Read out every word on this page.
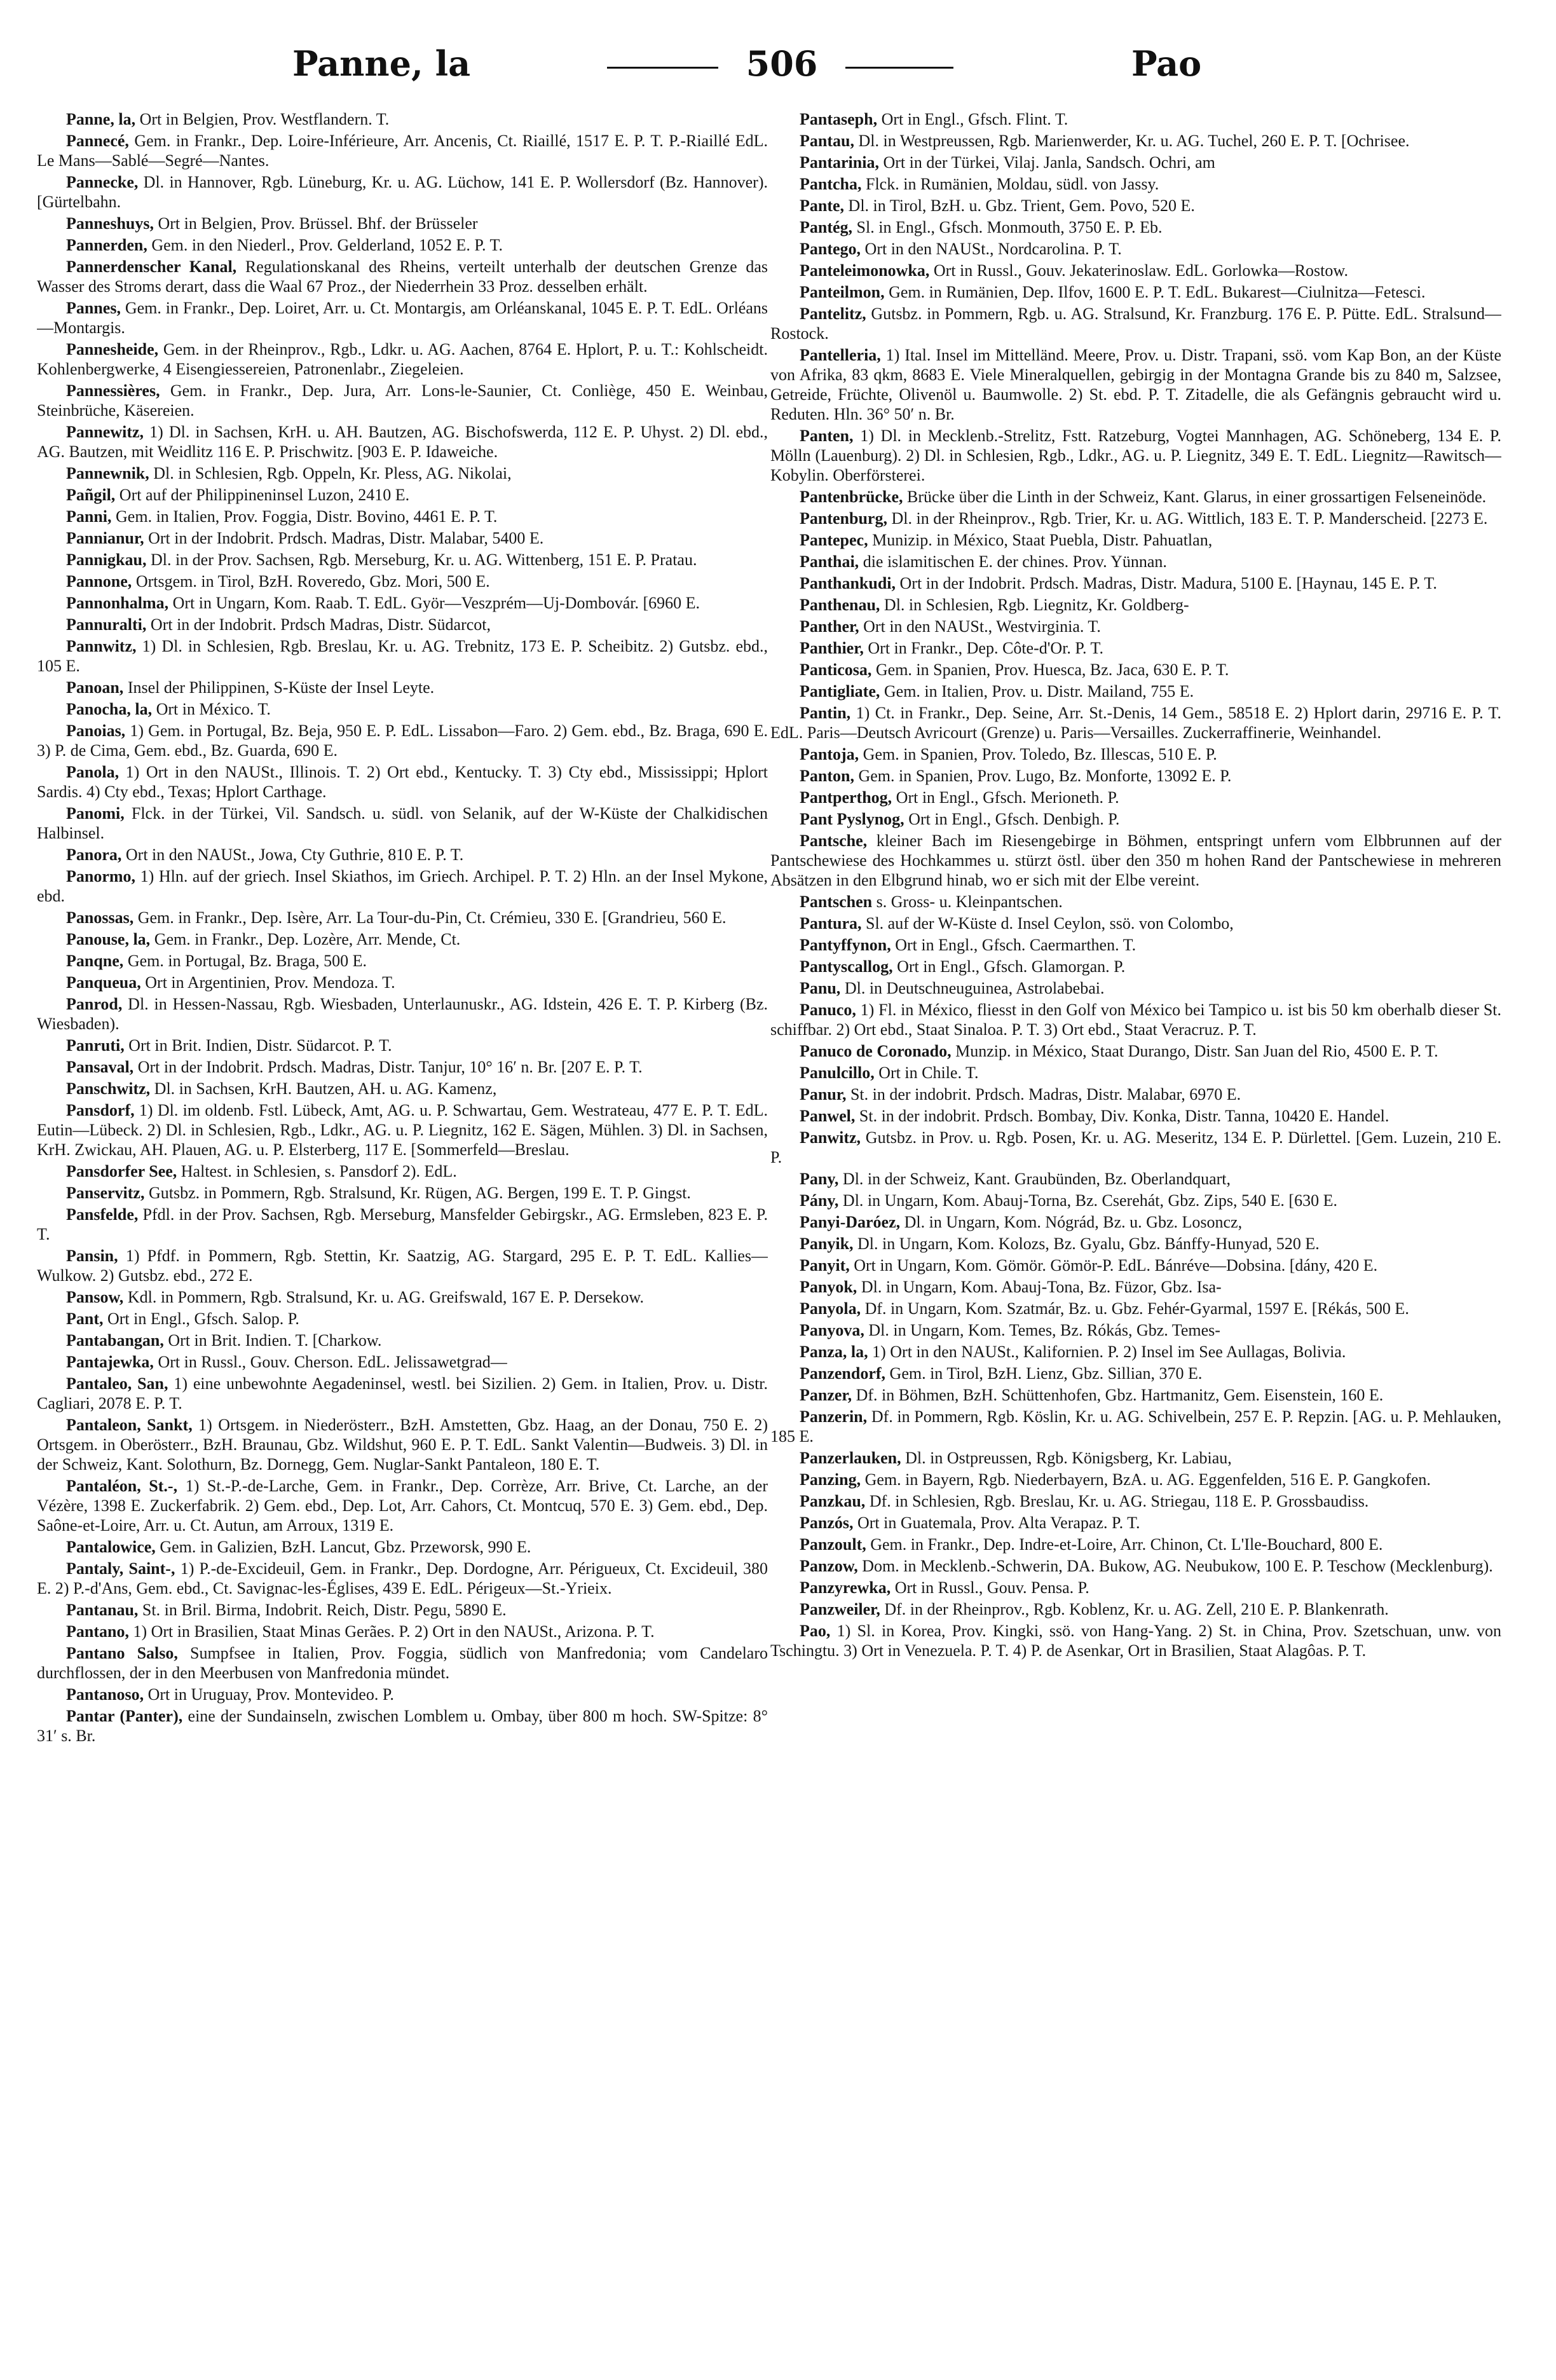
Panne, la	506	Pao

Panne, la, Ort in Belgien, Prov. Westflandern. T.

Pannecé, Gem. in Frankr., Dep. Loire-Inférieure, Arr. Ancenis, Ct. Riaillé, 1517 E. P. T. P.-Riaillé EdL. Le Mans—Sablé—Segré—Nantes.

Pannecke, Dl. in Hannover, Rgb. Lüneburg, Kr. u. AG. Lüchow, 141 E. P. Wollersdorf (Bz. Hannover). [Gürtelbahn.

Panneshuys, Ort in Belgien, Prov. Brüssel. Bhf. der Brüsseler

Pannerden, Gem. in den Niederl., Prov. Gelderland, 1052 E. P. T.

Pannerdenscher Kanal, Regulationskanal des Rheins, verteilt unterhalb der deutschen Grenze das Wasser des Stroms derart, dass die Waal 67 Proz., der Niederrhein 33 Proz. desselben erhält.

Pannes, Gem. in Frankr., Dep. Loiret, Arr. u. Ct. Montargis, am Orléanskanal, 1045 E. P. T. EdL. Orléans—Montargis.

Pannesheide, Gem. in der Rheinprov., Rgb., Ldkr. u. AG. Aachen, 8764 E. Hplort, P. u. T.: Kohlscheidt. Kohlenbergwerke, 4 Eisengiessereien, Patronenlabr., Ziegeleien.

Pannessières, Gem. in Frankr., Dep. Jura, Arr. Lons-le-Saunier, Ct. Conliège, 450 E. Weinbau, Steinbrüche, Käsereien.

Pannewitz, 1) Dl. in Sachsen, KrH. u. AH. Bautzen, AG. Bischofswerda, 112 E. P. Uhyst. 2) Dl. ebd., AG. Bautzen, mit Weidlitz 116 E. P. Prischwitz. [903 E. P. Idaweiche.

Pannewnik, Dl. in Schlesien, Rgb. Oppeln, Kr. Pless, AG. Nikolai,

Pañgil, Ort auf der Philippineninsel Luzon, 2410 E.

Panni, Gem. in Italien, Prov. Foggia, Distr. Bovino, 4461 E. P. T.

Pannianur, Ort in der Indobrit. Prdsch. Madras, Distr. Malabar, 5400 E.

Pannigkau, Dl. in der Prov. Sachsen, Rgb. Merseburg, Kr. u. AG. Wittenberg, 151 E. P. Pratau.

Pannone, Ortsgem. in Tirol, BzH. Roveredo, Gbz. Mori, 500 E.

Pannonhalma, Ort in Ungarn, Kom. Raab. T. EdL. Györ—Veszprém—Uj-Dombovár. [6960 E.

Pannuralti, Ort in der Indobrit. Prdsch Madras, Distr. Südarcot,

Pannwitz, 1) Dl. in Schlesien, Rgb. Breslau, Kr. u. AG. Trebnitz, 173 E. P. Scheibitz. 2) Gutsbz. ebd., 105 E.

Panoan, Insel der Philippinen, S-Küste der Insel Leyte.

Panocha, la, Ort in México. T.

Panoias, 1) Gem. in Portugal, Bz. Beja, 950 E. P. EdL. Lissabon—Faro. 2) Gem. ebd., Bz. Braga, 690 E. 3) P. de Cima, Gem. ebd., Bz. Guarda, 690 E.

Panola, 1) Ort in den NAUSt., Illinois. T. 2) Ort ebd., Kentucky. T. 3) Cty ebd., Mississippi; Hplort Sardis. 4) Cty ebd., Texas; Hplort Carthage.

Panomi, Flck. in der Türkei, Vil. Sandsch. u. südl. von Selanik, auf der W-Küste der Chalkidischen Halbinsel.

Panora, Ort in den NAUSt., Jowa, Cty Guthrie, 810 E. P. T.

Panormo, 1) Hln. auf der griech. Insel Skiathos, im Griech. Archipel. P. T. 2) Hln. an der Insel Mykone, ebd.

Panossas, Gem. in Frankr., Dep. Isère, Arr. La Tour-du-Pin, Ct. Crémieu, 330 E. [Grandrieu, 560 E.

Panouse, la, Gem. in Frankr., Dep. Lozère, Arr. Mende, Ct.

Panqne, Gem. in Portugal, Bz. Braga, 500 E.

Panqueua, Ort in Argentinien, Prov. Mendoza. T.

Panrod, Dl. in Hessen-Nassau, Rgb. Wiesbaden, Unterlaunuskr., AG. Idstein, 426 E. T. P. Kirberg (Bz. Wiesbaden).

Panruti, Ort in Brit. Indien, Distr. Südarcot. P. T.

Pansaval, Ort in der Indobrit. Prdsch. Madras, Distr. Tanjur, 10° 16′ n. Br. [207 E. P. T.

Panschwitz, Dl. in Sachsen, KrH. Bautzen, AH. u. AG. Kamenz,

Pansdorf, 1) Dl. im oldenb. Fstl. Lübeck, Amt, AG. u. P. Schwartau, Gem. Westrateau, 477 E. P. T. EdL. Eutin—Lübeck. 2) Dl. in Schlesien, Rgb., Ldkr., AG. u. P. Liegnitz, 162 E. Sägen, Mühlen. 3) Dl. in Sachsen, KrH. Zwickau, AH. Plauen, AG. u. P. Elsterberg, 117 E. [Sommerfeld—Breslau.

Pansdorfer See, Haltest. in Schlesien, s. Pansdorf 2). EdL.

Panservitz, Gutsbz. in Pommern, Rgb. Stralsund, Kr. Rügen, AG. Bergen, 199 E. T. P. Gingst.

Pansfelde, Pfdl. in der Prov. Sachsen, Rgb. Merseburg, Mansfelder Gebirgskr., AG. Ermsleben, 823 E. P. T.

Pansin, 1) Pfdf. in Pommern, Rgb. Stettin, Kr. Saatzig, AG. Stargard, 295 E. P. T. EdL. Kallies—Wulkow. 2) Gutsbz. ebd., 272 E.

Pansow, Kdl. in Pommern, Rgb. Stralsund, Kr. u. AG. Greifswald, 167 E. P. Dersekow.

Pant, Ort in Engl., Gfsch. Salop. P.

Pantabangan, Ort in Brit. Indien. T. [Charkow.

Pantajewka, Ort in Russl., Gouv. Cherson. EdL. Jelissawetgrad—

Pantaleo, San, 1) eine unbewohnte Aegadeninsel, westl. bei Sizilien. 2) Gem. in Italien, Prov. u. Distr. Cagliari, 2078 E. P. T.

Pantaleon, Sankt, 1) Ortsgem. in Niederösterr., BzH. Amstetten, Gbz. Haag, an der Donau, 750 E. 2) Ortsgem. in Oberösterr., BzH. Braunau, Gbz. Wildshut, 960 E. P. T. EdL. Sankt Valentin—Budweis. 3) Dl. in der Schweiz, Kant. Solothurn, Bz. Dornegg, Gem. Nuglar-Sankt Pantaleon, 180 E. T.

Pantaléon, St.-, 1) St.-P.-de-Larche, Gem. in Frankr., Dep. Corrèze, Arr. Brive, Ct. Larche, an der Vézère, 1398 E. Zuckerfabrik. 2) Gem. ebd., Dep. Lot, Arr. Cahors, Ct. Montcuq, 570 E. 3) Gem. ebd., Dep. Saône-et-Loire, Arr. u. Ct. Autun, am Arroux, 1319 E.

Pantalowice, Gem. in Galizien, BzH. Lancut, Gbz. Przeworsk, 990 E.

Pantaly, Saint-, 1) P.-de-Excideuil, Gem. in Frankr., Dep. Dordogne, Arr. Périgueux, Ct. Excideuil, 380 E. 2) P.-d'Ans, Gem. ebd., Ct. Savignac-les-Églises, 439 E. EdL. Périgeux—St.-Yrieix.

Pantanau, St. in Bril. Birma, Indobrit. Reich, Distr. Pegu, 5890 E.

Pantano, 1) Ort in Brasilien, Staat Minas Gerães. P. 2) Ort in den NAUSt., Arizona. P. T.

Pantano Salso, Sumpfsee in Italien, Prov. Foggia, südlich von Manfredonia; vom Candelaro durchflossen, der in den Meerbusen von Manfredonia mündet.

Pantanoso, Ort in Uruguay, Prov. Montevideo. P.

Pantar (Panter), eine der Sundainseln, zwischen Lomblem u. Ombay, über 800 m hoch. SW-Spitze: 8° 31′ s. Br.

Pantaseph, Ort in Engl., Gfsch. Flint. T.

Pantau, Dl. in Westpreussen, Rgb. Marienwerder, Kr. u. AG. Tuchel, 260 E. P. T. [Ochrisee.

Pantarinia, Ort in der Türkei, Vilaj. Janla, Sandsch. Ochri, am

Pantcha, Flck. in Rumänien, Moldau, südl. von Jassy.

Pante, Dl. in Tirol, BzH. u. Gbz. Trient, Gem. Povo, 520 E.

Pantég, Sl. in Engl., Gfsch. Monmouth, 3750 E. P. Eb.

Pantego, Ort in den NAUSt., Nordcarolina. P. T.

Panteleimonowka, Ort in Russl., Gouv. Jekaterinoslaw. EdL. Gorlowka—Rostow.

Panteilmon, Gem. in Rumänien, Dep. Ilfov, 1600 E. P. T. EdL. Bukarest—Ciulnitza—Fetesci.

Pantelitz, Gutsbz. in Pommern, Rgb. u. AG. Stralsund, Kr. Franzburg. 176 E. P. Pütte. EdL. Stralsund—Rostock.

Pantelleria, 1) Ital. Insel im Mittelländ. Meere, Prov. u. Distr. Trapani, ssö. vom Kap Bon, an der Küste von Afrika, 83 qkm, 8683 E. Viele Mineralquellen, gebirgig in der Montagna Grande bis zu 840 m, Salzsee, Getreide, Früchte, Olivenöl u. Baumwolle. 2) St. ebd. P. T. Zitadelle, die als Gefängnis gebraucht wird u. Reduten. Hln. 36° 50′ n. Br.

Panten, 1) Dl. in Mecklenb.-Strelitz, Fstt. Ratzeburg, Vogtei Mannhagen, AG. Schöneberg, 134 E. P. Mölln (Lauenburg). 2) Dl. in Schlesien, Rgb., Ldkr., AG. u. P. Liegnitz, 349 E. T. EdL. Liegnitz—Rawitsch—Kobylin. Oberförsterei.

Pantenbrücke, Brücke über die Linth in der Schweiz, Kant. Glarus, in einer grossartigen Felseneinöde.

Pantenburg, Dl. in der Rheinprov., Rgb. Trier, Kr. u. AG. Wittlich, 183 E. T. P. Manderscheid. [2273 E.

Pantepec, Munizip. in México, Staat Puebla, Distr. Pahuatlan,

Panthai, die islamitischen E. der chines. Prov. Yünnan.

Panthankudi, Ort in der Indobrit. Prdsch. Madras, Distr. Madura, 5100 E. [Haynau, 145 E. P. T.

Panthenau, Dl. in Schlesien, Rgb. Liegnitz, Kr. Goldberg-

Panther, Ort in den NAUSt., Westvirginia. T.

Panthier, Ort in Frankr., Dep. Côte-d'Or. P. T.

Panticosa, Gem. in Spanien, Prov. Huesca, Bz. Jaca, 630 E. P. T.

Pantigliate, Gem. in Italien, Prov. u. Distr. Mailand, 755 E.

Pantin, 1) Ct. in Frankr., Dep. Seine, Arr. St.-Denis, 14 Gem., 58518 E. 2) Hplort darin, 29716 E. P. T. EdL. Paris—Deutsch Avricourt (Grenze) u. Paris—Versailles. Zuckerraffinerie, Weinhandel.

Pantoja, Gem. in Spanien, Prov. Toledo, Bz. Illescas, 510 E. P.

Panton, Gem. in Spanien, Prov. Lugo, Bz. Monforte, 13092 E. P.

Pantperthog, Ort in Engl., Gfsch. Merioneth. P.

Pant Pyslynog, Ort in Engl., Gfsch. Denbigh. P.

Pantsche, kleiner Bach im Riesengebirge in Böhmen, entspringt unfern vom Elbbrunnen auf der Pantschewiese des Hochkammes u. stürzt östl. über den 350 m hohen Rand der Pantschewiese in mehreren Absätzen in den Elbgrund hinab, wo er sich mit der Elbe vereint.

Pantschen s. Gross- u. Kleinpantschen.

Pantura, Sl. auf der W-Küste d. Insel Ceylon, ssö. von Colombo,

Pantyffynon, Ort in Engl., Gfsch. Caermarthen. T.

Pantyscallog, Ort in Engl., Gfsch. Glamorgan. P.

Panu, Dl. in Deutschneuguinea, Astrolabebai.

Panuco, 1) Fl. in México, fliesst in den Golf von México bei Tampico u. ist bis 50 km oberhalb dieser St. schiffbar. 2) Ort ebd., Staat Sinaloa. P. T. 3) Ort ebd., Staat Veracruz. P. T.

Panuco de Coronado, Munzip. in México, Staat Durango, Distr. San Juan del Rio, 4500 E. P. T.

Panulcillo, Ort in Chile. T.

Panur, St. in der indobrit. Prdsch. Madras, Distr. Malabar, 6970 E.

Panwel, St. in der indobrit. Prdsch. Bombay, Div. Konka, Distr. Tanna, 10420 E. Handel.

Panwitz, Gutsbz. in Prov. u. Rgb. Posen, Kr. u. AG. Meseritz, 134 E. P. Dürlettel. [Gem. Luzein, 210 E. P.

Pany, Dl. in der Schweiz, Kant. Graubünden, Bz. Oberlandquart,

Pány, Dl. in Ungarn, Kom. Abauj-Torna, Bz. Cserehát, Gbz. Zips, 540 E. [630 E.

Panyi-Daróez, Dl. in Ungarn, Kom. Nógrád, Bz. u. Gbz. Losoncz,

Panyik, Dl. in Ungarn, Kom. Kolozs, Bz. Gyalu, Gbz. Bánffy-Hunyad, 520 E.

Panyit, Ort in Ungarn, Kom. Gömör. Gömör-P. EdL. Bánréve—Dobsina. [dány, 420 E.

Panyok, Dl. in Ungarn, Kom. Abauj-Tona, Bz. Füzor, Gbz. Isa-

Panyola, Df. in Ungarn, Kom. Szatmár, Bz. u. Gbz. Fehér-Gyarmal, 1597 E. [Rékás, 500 E.

Panyova, Dl. in Ungarn, Kom. Temes, Bz. Rókás, Gbz. Temes-

Panza, la, 1) Ort in den NAUSt., Kalifornien. P. 2) Insel im See Aullagas, Bolivia.

Panzendorf, Gem. in Tirol, BzH. Lienz, Gbz. Sillian, 370 E.

Panzer, Df. in Böhmen, BzH. Schüttenhofen, Gbz. Hartmanitz, Gem. Eisenstein, 160 E.

Panzerin, Df. in Pommern, Rgb. Köslin, Kr. u. AG. Schivelbein, 257 E. P. Repzin. [AG. u. P. Mehlauken, 185 E.

Panzerlauken, Dl. in Ostpreussen, Rgb. Königsberg, Kr. Labiau,

Panzing, Gem. in Bayern, Rgb. Niederbayern, BzA. u. AG. Eggenfelden, 516 E. P. Gangkofen.

Panzkau, Df. in Schlesien, Rgb. Breslau, Kr. u. AG. Striegau, 118 E. P. Grossbaudiss.

Panzós, Ort in Guatemala, Prov. Alta Verapaz. P. T.

Panzoult, Gem. in Frankr., Dep. Indre-et-Loire, Arr. Chinon, Ct. L'Ile-Bouchard, 800 E.

Panzow, Dom. in Mecklenb.-Schwerin, DA. Bukow, AG. Neubukow, 100 E. P. Teschow (Mecklenburg).

Panzyrewka, Ort in Russl., Gouv. Pensa. P.

Panzweiler, Df. in der Rheinprov., Rgb. Koblenz, Kr. u. AG. Zell, 210 E. P. Blankenrath.

Pao, 1) Sl. in Korea, Prov. Kingki, ssö. von Hang-Yang. 2) St. in China, Prov. Szetschuan, unw. von Tschingtu. 3) Ort in Venezuela. P. T. 4) P. de Asenkar, Ort in Brasilien, Staat Alagôas. P. T.
